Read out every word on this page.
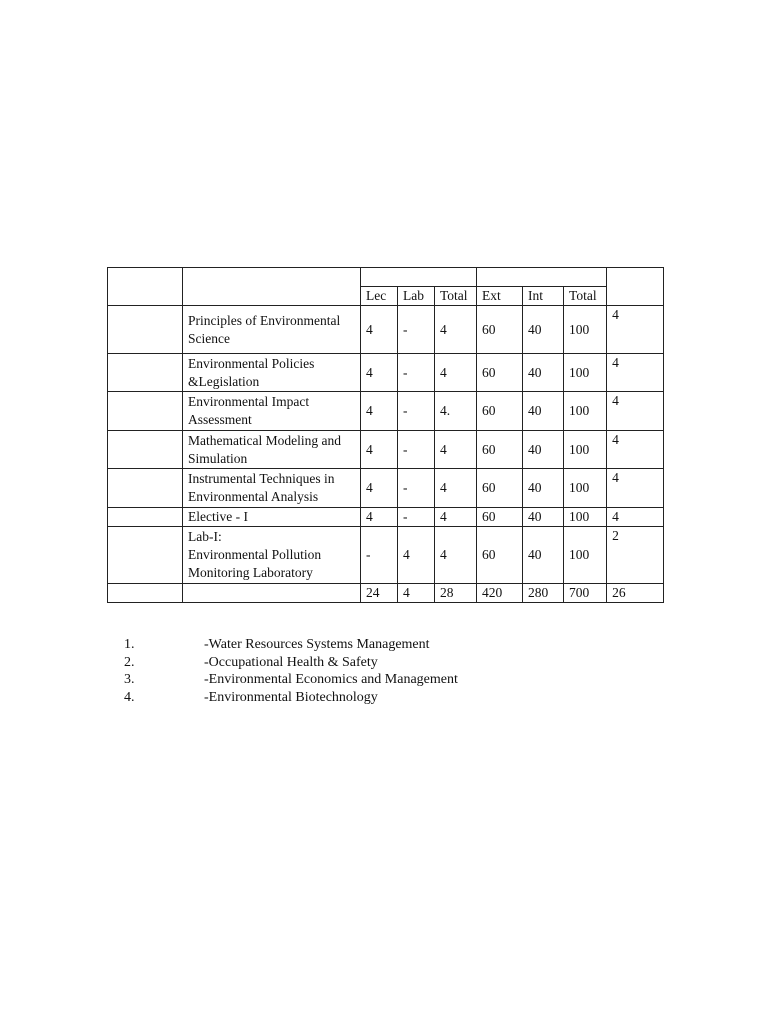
		Lec	Lab	Total	Ext	Int	Total	

	Principles of Environmental
Science	4	-	4	60	40	100	4

	Environmental Policies
&Legislation	4	-	4	60	40	100	4

	Environmental Impact
Assessment	4	-	4.	60	40	100	4

	Mathematical Modeling and
Simulation	4	-	4	60	40	100	4

	Instrumental Techniques in
Environmental Analysis	4	-	4	60	40	100	4

	Elective - I	4	-	4	60	40	100	4

	Lab-I:
Environmental Pollution
Monitoring Laboratory	-	4	4	60	40	100	2
		24	4	28	420	280	700	26
1.	-Water Resources Systems Management
2.	-Occupational Health & Safety
3.	-Environmental Economics and Management
4.	-Environmental Biotechnology
